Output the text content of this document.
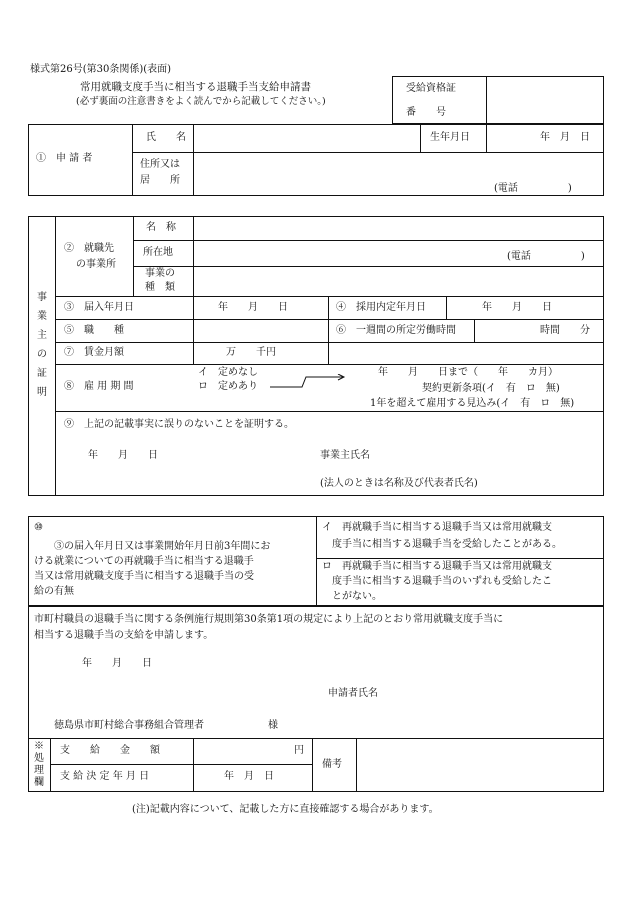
様式第26号(第30条関係)(表面)
常用就職支度手当に相当する退職手当支給申請書
(必ず裏面の注意書きをよく読んでから記載してください。)
受給資格証
番　　号
①　申 請 者
氏　　名	生年月日	年　月　日
住所又は
居　　所
(電話　　　　　)
事業主の証明
②　就職先
の事業所
名　称
所在地	(電話　　　　　)
事業の
種　類
③　届入年月日	年　　月　　日	④　採用内定年月日	年　　月　　日
⑤　職　　種	⑥　一週間の所定労働時間	時間　　分
⑦　賃金月額	万　　千円
⑧　雇 用 期 間
イ　定めなし
ロ　定めあり
年　　月　　日まで（　　年　　カ月）
契約更新条項(イ　有　ロ　無)
1年を超えて雇用する見込み(イ　有　ロ　無)
⑨　上記の記載事実に誤りのないことを証明する。
年　　月　　日	事業主氏名
(法人のときは名称及び代表者氏名)
⑩
③の届入年月日又は事業開始年月日前3年間にお
ける就業についての再就職手当に相当する退職手
当又は常用就職支度手当に相当する退職手当の受
給の有無
イ　再就職手当に相当する退職手当又は常用就職支
度手当に相当する退職手当を受給したことがある。
ロ　再就職手当に相当する退職手当又は常用就職支
度手当に相当する退職手当のいずれも受給したこ
とがない。
市町村職員の退職手当に関する条例施行規則第30条第1項の規定により上記のとおり常用就職支度手当に
相当する退職手当の支給を申請します。
年　　月　　日
申請者氏名
徳島県市町村総合事務組合管理者	様
※処理欄
支　　給　　金　　額	円
支 給 決 定 年 月 日	年　月　日
備考
(注)記載内容について、記載した方に直接確認する場合があります。
